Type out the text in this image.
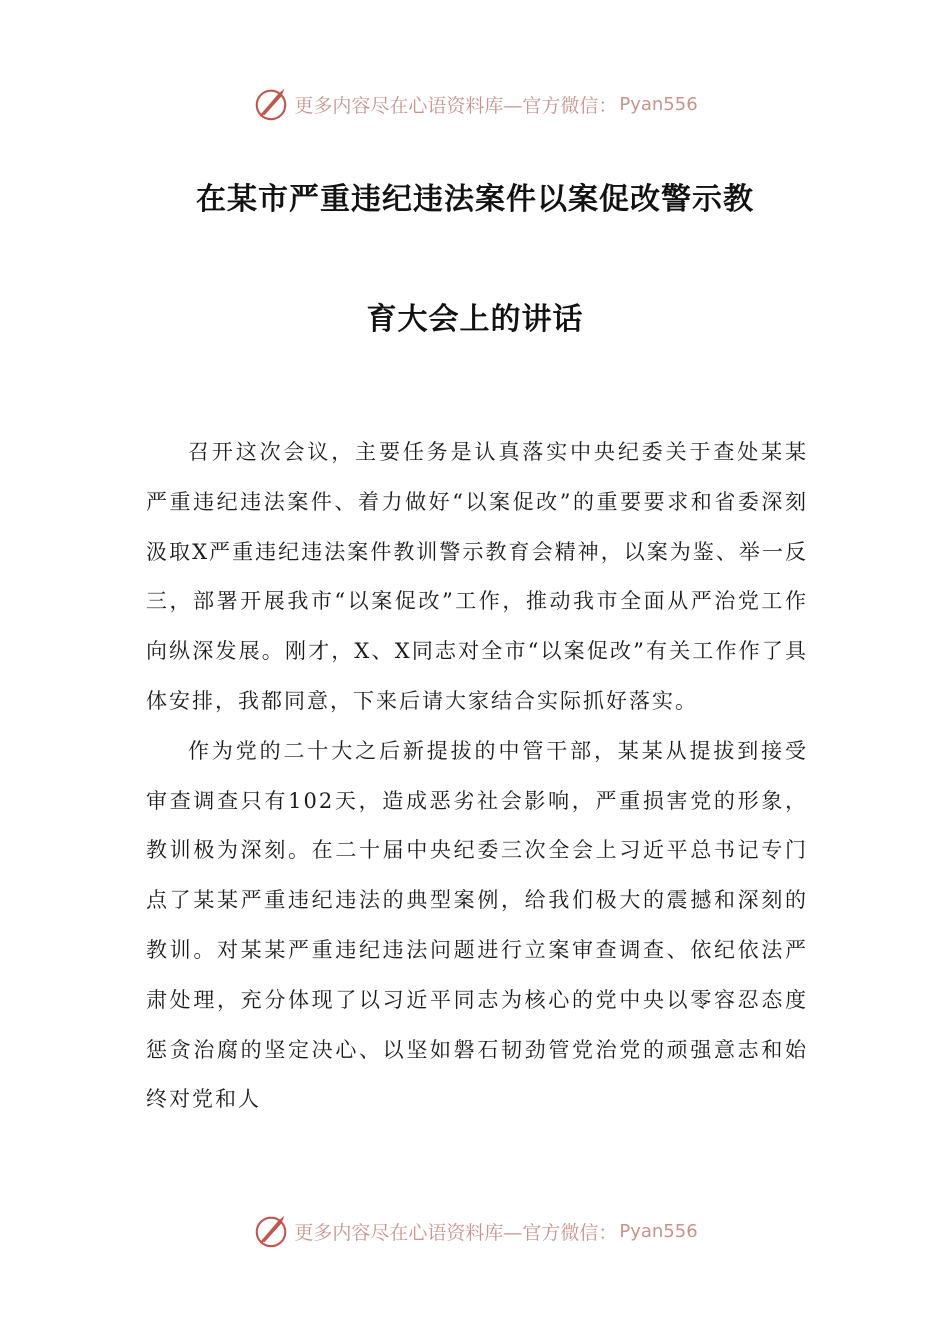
更多内容尽在心语资料库—官方微信： Pyan556
在某市严重违纪违法案件以案促改警示教
育大会上的讲话

召开这次会议，主要任务是认真落实中央纪委关于查处某某严重违纪违法案件、着力做好“以案促改”的重要要求和省委深刻汲取X严重违纪违法案件教训警示教育会精神，以案为鉴、举一反三，部署开展我市“以案促改”工作，推动我市全面从严治党工作向纵深发展。刚才，X、X同志对全市“以案促改”有关工作作了具体安排，我都同意，下来后请大家结合实际抓好落实。

作为党的二十大之后新提拔的中管干部，某某从提拔到接受审查调查只有102天，造成恶劣社会影响，严重损害党的形象，教训极为深刻。在二十届中央纪委三次全会上习近平总书记专门点了某某严重违纪违法的典型案例，给我们极大的震撼和深刻的教训。对某某严重违纪违法问题进行立案审查调查、依纪依法严肃处理，充分体现了以习近平同志为核心的党中央以零容忍态度惩贪治腐的坚定决心、以坚如磐石韧劲管党治党的顽强意志和始终对党和人

更多内容尽在心语资料库—官方微信： Pyan556
